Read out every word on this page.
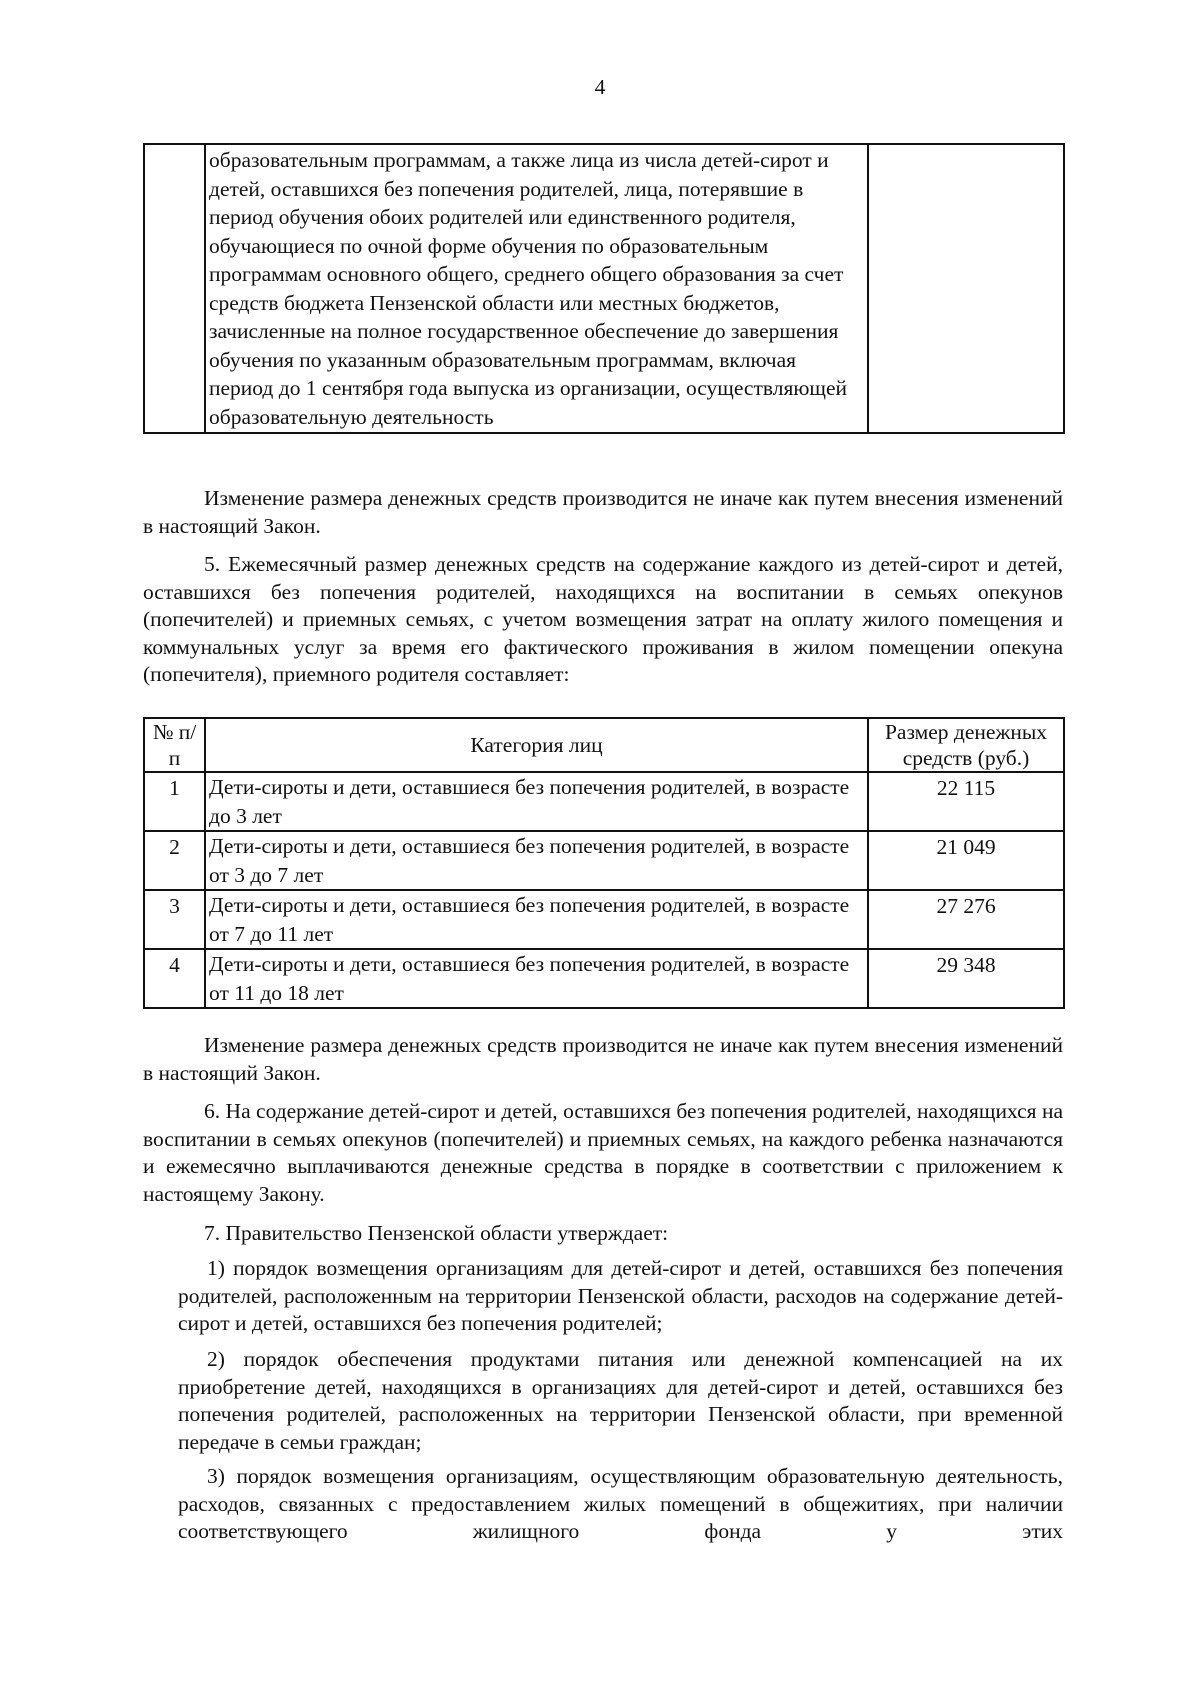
4
	образовательным программам, а также лица из числа детей-сирот и детей, оставшихся без попечения родителей, лица, потерявшие в период обучения обоих родителей или единственного родителя, обучающиеся по очной форме обучения по образовательным программам основного общего, среднего общего образования за счет средств бюджета Пензенской области или местных бюджетов, зачисленные на полное государственное обеспечение до завершения обучения по указанным образовательным программам, включая период до 1 сентября года выпуска из организации, осуществляющей образовательную деятельность	

Изменение размера денежных средств производится не иначе как путем внесения изменений в настоящий Закон.

5. Ежемесячный размер денежных средств на содержание каждого из детей-сирот и детей, оставшихся без попечения родителей, находящихся на воспитании в семьях опекунов (попечителей) и приемных семьях, с учетом возмещения затрат на оплату жилого помещения и коммунальных услуг за время его фактического проживания в жилом помещении опекуна (попечителя), приемного родителя составляет:

№ п/п	Категория лиц	Размер денежных средств (руб.)
1	Дети-сироты и дети, оставшиеся без попечения родителей, в возрасте до 3 лет	22 115
2	Дети-сироты и дети, оставшиеся без попечения родителей, в возрасте от 3 до 7 лет	21 049
3	Дети-сироты и дети, оставшиеся без попечения родителей, в возрасте от 7 до 11 лет	27 276
4	Дети-сироты и дети, оставшиеся без попечения родителей, в возрасте от 11 до 18 лет	29 348

Изменение размера денежных средств производится не иначе как путем внесения изменений в настоящий Закон.

6. На содержание детей-сирот и детей, оставшихся без попечения родителей, находящихся на воспитании в семьях опекунов (попечителей) и приемных семьях, на каждого ребенка назначаются и ежемесячно выплачиваются денежные средства в порядке в соответствии с приложением к настоящему Закону.

7. Правительство Пензенской области утверждает:

1) порядок возмещения организациям для детей-сирот и детей, оставшихся без попечения родителей, расположенным на территории Пензенской области, расходов на содержание детей-сирот и детей, оставшихся без попечения родителей;

2) порядок обеспечения продуктами питания или денежной компенсацией на их приобретение детей, находящихся в организациях для детей-сирот и детей, оставшихся без попечения родителей, расположенных на территории Пензенской области, при временной передаче в семьи граждан;

3) порядок возмещения организациям, осуществляющим образовательную деятельность, расходов, связанных с предоставлением жилых помещений в общежитиях, при наличии соответствующего жилищного фонда у этих
